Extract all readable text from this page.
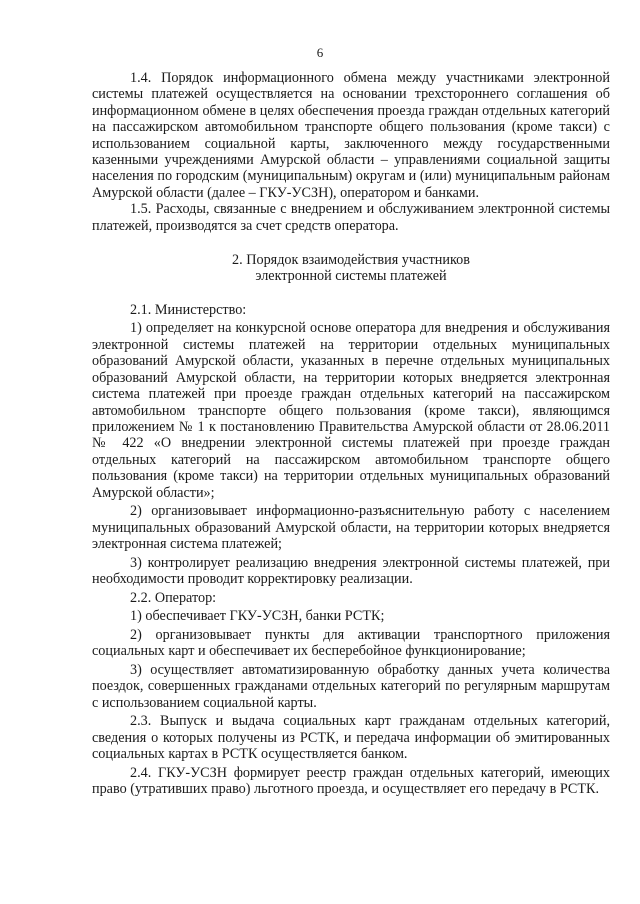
6

1.4. Порядок информационного обмена между участниками электронной системы платежей осуществляется на основании трехстороннего соглашения об информационном обмене в целях обеспечения проезда граждан отдельных категорий на пассажирском автомобильном транспорте общего пользования (кроме такси) с использованием социальной карты, заключенного между государственными казенными учреждениями Амурской области – управлениями социальной защиты населения по городским (муниципальным) округам и (или) муниципальным районам Амурской области (далее – ГКУ-УСЗН), оператором и банками.

1.5. Расходы, связанные с внедрением и обслуживанием электронной системы платежей, производятся за счет средств оператора.

2. Порядок взаимодействия участников

электронной системы платежей

2.1. Министерство:

1) определяет на конкурсной основе оператора для внедрения и обслуживания электронной системы платежей на территории отдельных муниципальных образований Амурской области, указанных в перечне отдельных муниципальных образований Амурской области, на территории которых внедряется электронная система платежей при проезде граждан отдельных категорий на пассажирском автомобильном транспорте общего пользования (кроме такси), являющимся приложением № 1 к постановлению Правительства Амурской области от 28.06.2011 № 422 «О внедрении электронной системы платежей при проезде граждан отдельных категорий на пассажирском автомобильном транспорте общего пользования (кроме такси) на территории отдельных муниципальных образований Амурской области»;

2) организовывает информационно-разъяснительную работу с населением муниципальных образований Амурской области, на территории которых внедряется электронная система платежей;

3) контролирует реализацию внедрения электронной системы платежей, при необходимости проводит корректировку реализации.

2.2. Оператор:

1) обеспечивает ГКУ-УСЗН, банки РСТК;

2) организовывает пункты для активации транспортного приложения социальных карт и обеспечивает их бесперебойное функционирование;

3) осуществляет автоматизированную обработку данных учета количества поездок, совершенных гражданами отдельных категорий по регулярным маршрутам с использованием социальной карты.

2.3. Выпуск и выдача социальных карт гражданам отдельных категорий, сведения о которых получены из РСТК, и передача информации об эмитированных социальных картах в РСТК осуществляется банком.

2.4. ГКУ-УСЗН формирует реестр граждан отдельных категорий, имеющих право (утративших право) льготного проезда, и осуществляет его передачу в РСТК.
